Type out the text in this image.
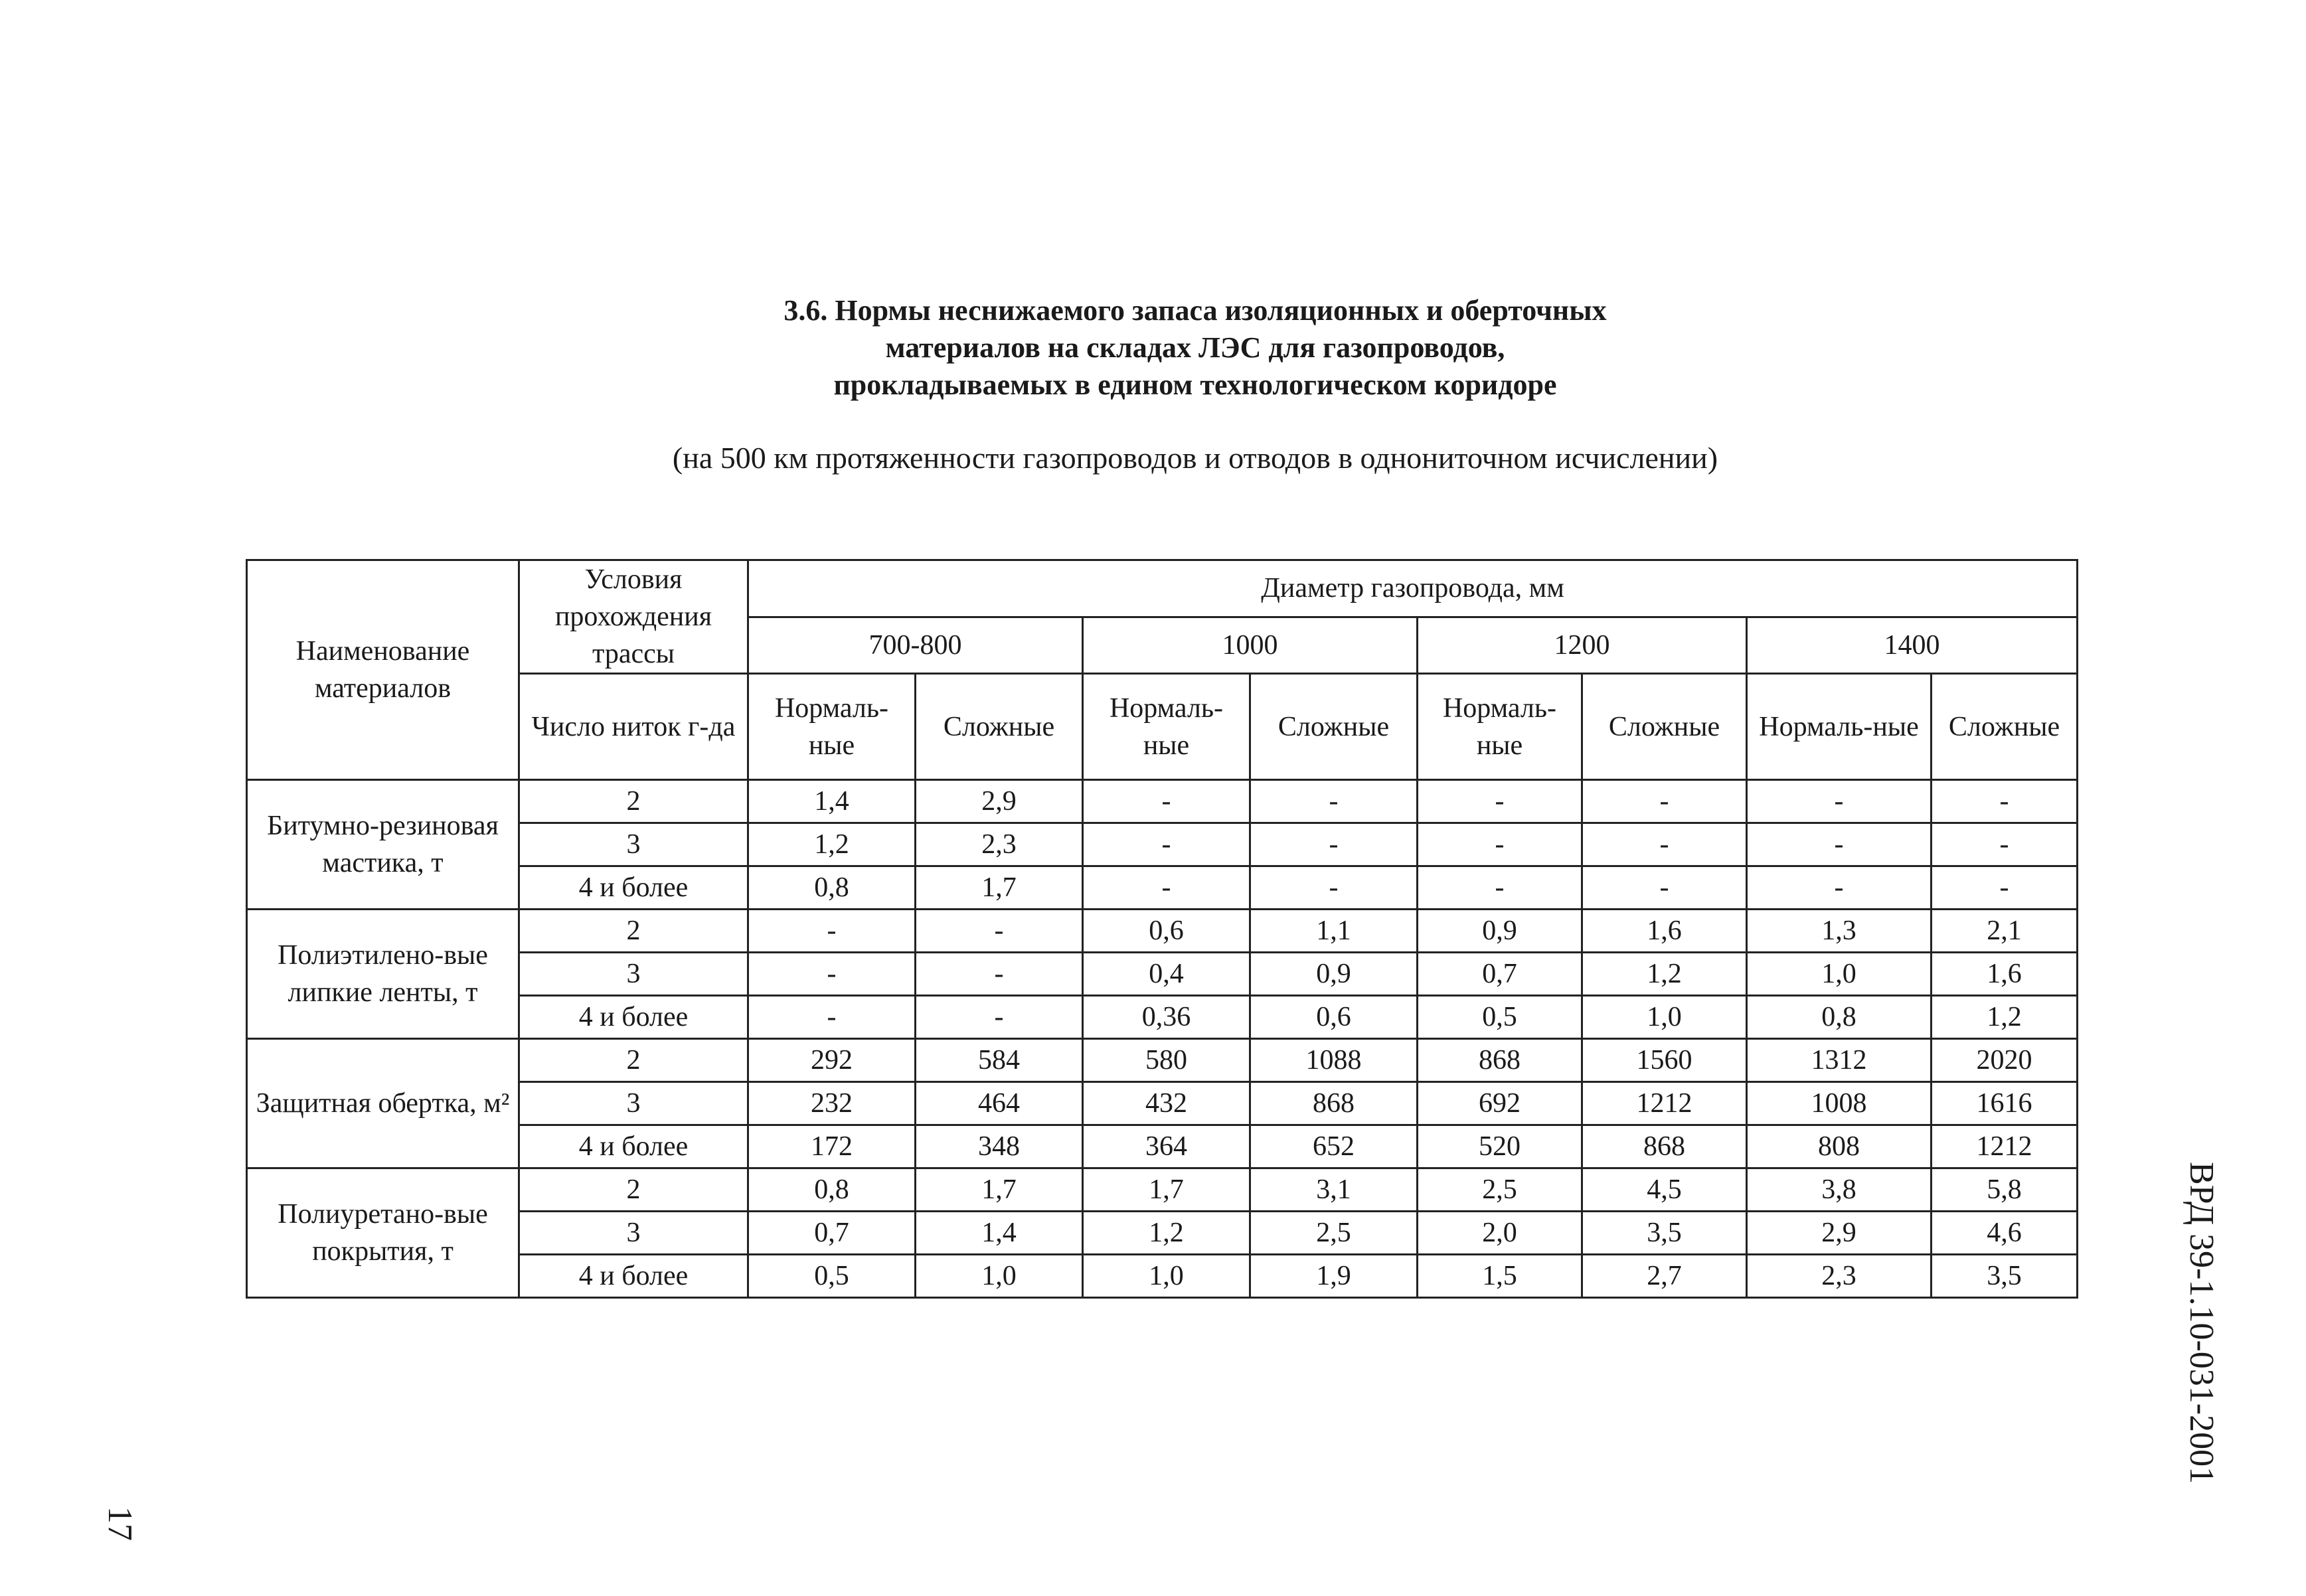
3.6. Нормы неснижаемого запаса изоляционных и оберточных
материалов на складах ЛЭС для газопроводов,
прокладываемых в едином технологическом коридоре
(на 500 км протяженности газопроводов и отводов в однониточном исчислении)
Наименование материалов	Условия прохождения трассы	Диаметр газопровода, мм							
		700-800		1000		1200		1400	
	Число ниток г-да	Нормаль-ные	Сложные	Нормаль-ные	Сложные	Нормаль-ные	Сложные	Нормаль-ные	Сложные
Битумно-резиновая мастика, т	2	1,4	2,9	-	-	-	-	-	-
	3	1,2	2,3	-	-	-	-	-	-
	4 и более	0,8	1,7	-	-	-	-	-	-
Полиэтилено-вые липкие ленты, т	2	-	-	0,6	1,1	0,9	1,6	1,3	2,1
	3	-	-	0,4	0,9	0,7	1,2	1,0	1,6
	4 и более	-	-	0,36	0,6	0,5	1,0	0,8	1,2
Защитная обертка, м²	2	292	584	580	1088	868	1560	1312	2020
	3	232	464	432	868	692	1212	1008	1616
	4 и более	172	348	364	652	520	868	808	1212
Полиуретано-вые покрытия, т	2	0,8	1,7	1,7	3,1	2,5	4,5	3,8	5,8
	3	0,7	1,4	1,2	2,5	2,0	3,5	2,9	4,6
	4 и более	0,5	1,0	1,0	1,9	1,5	2,7	2,3	3,5	ВРД 39-1.10-031-2001
17
